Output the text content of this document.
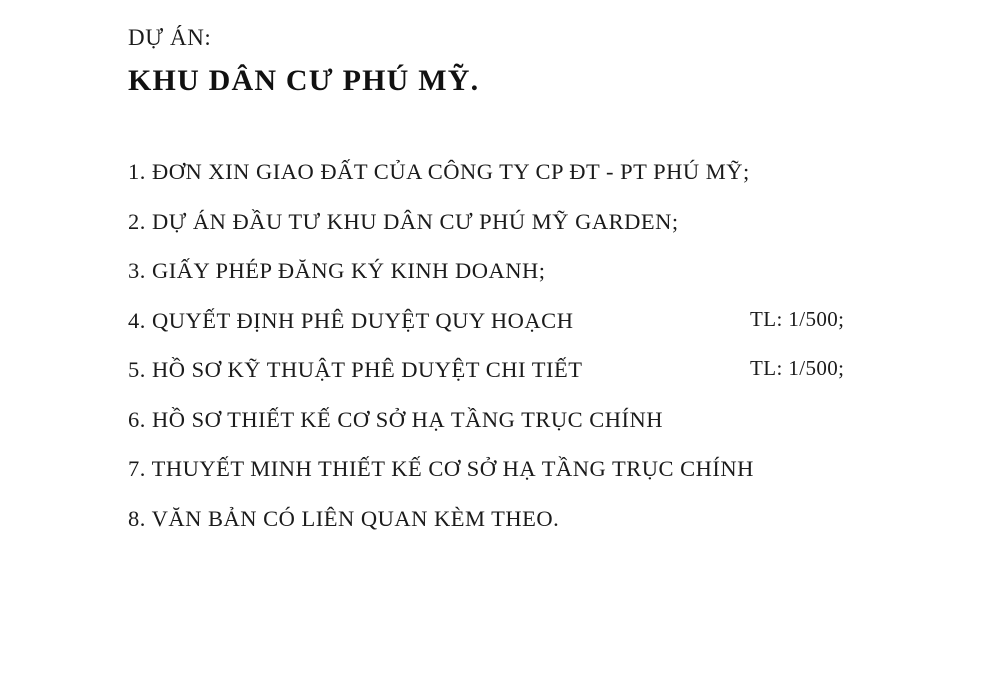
DỰ ÁN:
KHU DÂN CƯ PHÚ MỸ.
1. ĐƠN XIN GIAO ĐẤT CỦA CÔNG TY CP ĐT - PT PHÚ MỸ;
2. DỰ ÁN ĐẦU TƯ KHU DÂN CƯ PHÚ MỸ GARDEN;
3. GIẤY PHÉP ĐĂNG KÝ KINH DOANH;
4. QUYẾT ĐỊNH PHÊ DUYỆT QUY HOẠCH	TL: 1/500;
5. HỒ SƠ KỸ THUẬT PHÊ DUYỆT CHI TIẾT	TL: 1/500;
6. HỒ SƠ THIẾT KẾ CƠ SỞ HẠ TẦNG TRỤC CHÍNH
7. THUYẾT MINH THIẾT KẾ CƠ SỞ HẠ TẦNG TRỤC CHÍNH
8. VĂN BẢN CÓ LIÊN QUAN KÈM THEO.
